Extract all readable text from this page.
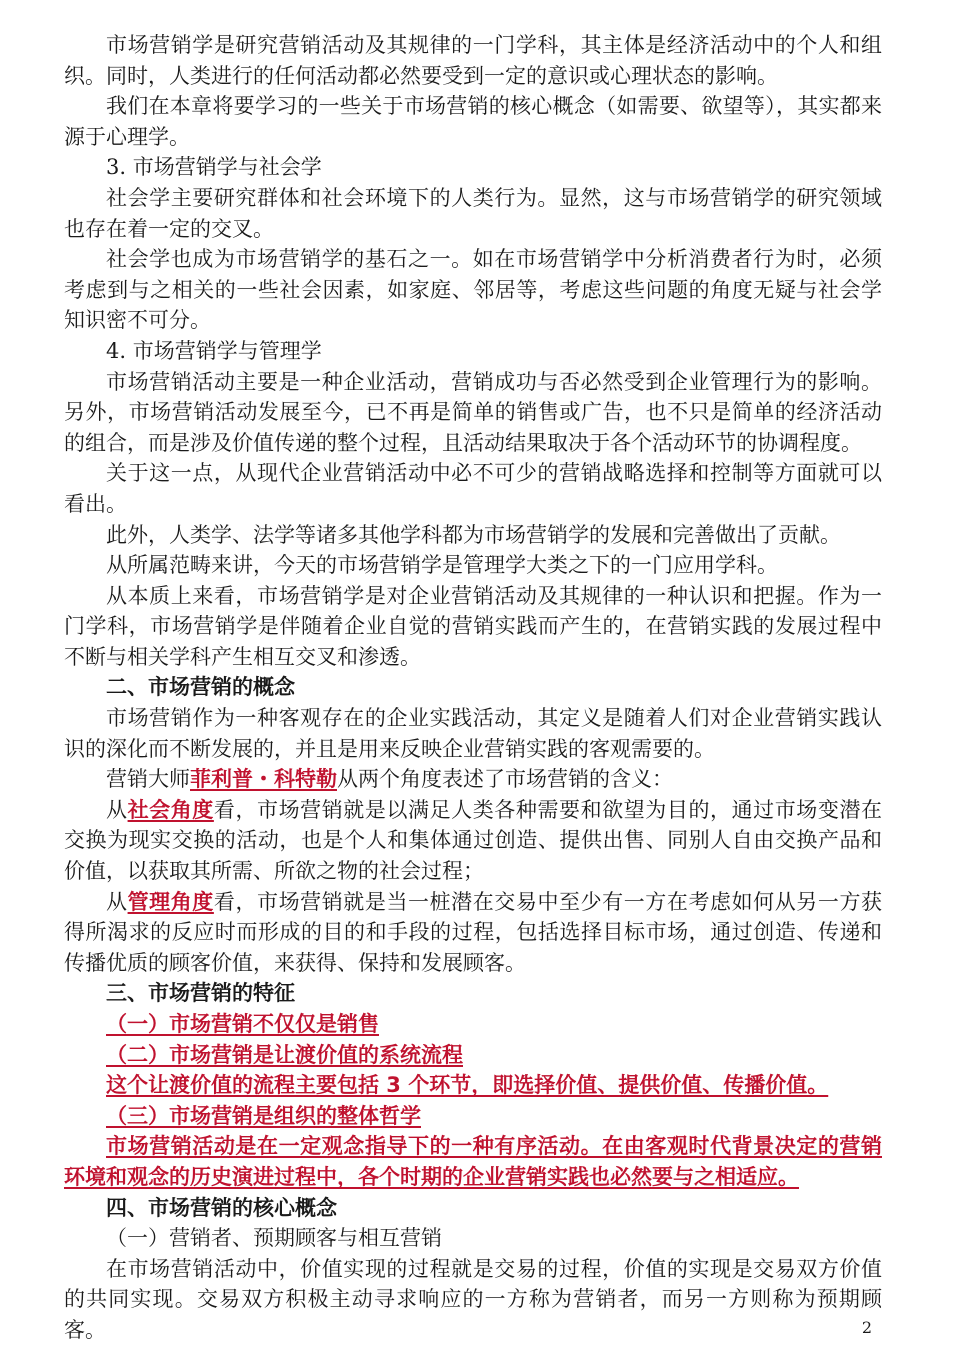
市场营销学是研究营销活动及其规律的一门学科，其主体是经济活动中的个人和组织。同时，人类进行的任何活动都必然要受到一定的意识或心理状态的影响。

我们在本章将要学习的一些关于市场营销的核心概念（如需要、欲望等），其实都来源于心理学。

3. 市场营销学与社会学

社会学主要研究群体和社会环境下的人类行为。显然，这与市场营销学的研究领域也存在着一定的交叉。

社会学也成为市场营销学的基石之一。如在市场营销学中分析消费者行为时，必须考虑到与之相关的一些社会因素，如家庭、邻居等，考虑这些问题的角度无疑与社会学知识密不可分。

4. 市场营销学与管理学

市场营销活动主要是一种企业活动，营销成功与否必然受到企业管理行为的影响。另外，市场营销活动发展至今，已不再是简单的销售或广告，也不只是简单的经济活动的组合，而是涉及价值传递的整个过程，且活动结果取决于各个活动环节的协调程度。

关于这一点，从现代企业营销活动中必不可少的营销战略选择和控制等方面就可以看出。

此外，人类学、法学等诸多其他学科都为市场营销学的发展和完善做出了贡献。

从所属范畴来讲，今天的市场营销学是管理学大类之下的一门应用学科。

从本质上来看，市场营销学是对企业营销活动及其规律的一种认识和把握。作为一门学科，市场营销学是伴随着企业自觉的营销实践而产生的，在营销实践的发展过程中不断与相关学科产生相互交叉和渗透。

二、市场营销的概念

市场营销作为一种客观存在的企业实践活动，其定义是随着人们对企业营销实践认识的深化而不断发展的，并且是用来反映企业营销实践的客观需要的。

营销大师菲利普・科特勒从两个角度表述了市场营销的含义：

从社会角度看，市场营销就是以满足人类各种需要和欲望为目的，通过市场变潜在交换为现实交换的活动，也是个人和集体通过创造、提供出售、同别人自由交换产品和价值，以获取其所需、所欲之物的社会过程；

从管理角度看，市场营销就是当一桩潜在交易中至少有一方在考虑如何从另一方获得所渴求的反应时而形成的目的和手段的过程，包括选择目标市场，通过创造、传递和传播优质的顾客价值，来获得、保持和发展顾客。

三、市场营销的特征

（一）市场营销不仅仅是销售

（二）市场营销是让渡价值的系统流程

这个让渡价值的流程主要包括 3 个环节，即选择价值、提供价值、传播价值。

（三）市场营销是组织的整体哲学

市场营销活动是在一定观念指导下的一种有序活动。在由客观时代背景决定的营销环境和观念的历史演进过程中，各个时期的企业营销实践也必然要与之相适应。

四、市场营销的核心概念

（一）营销者、预期顾客与相互营销

在市场营销活动中，价值实现的过程就是交易的过程，价值的实现是交易双方价值的共同实现。交易双方积极主动寻求响应的一方称为营销者，而另一方则称为预期顾客。	2
